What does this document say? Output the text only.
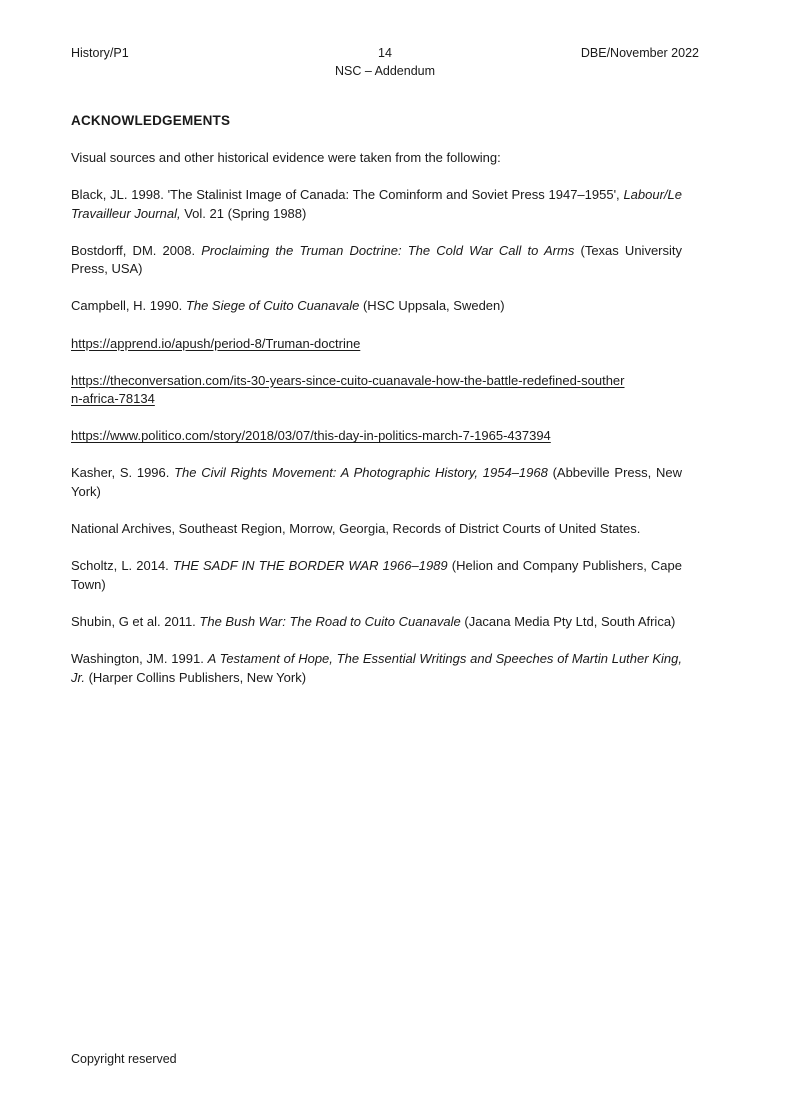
History/P1	14
NSC – Addendum
DBE/November 2022
ACKNOWLEDGEMENTS

Visual sources and other historical evidence were taken from the following:

Black, JL. 1998. 'The Stalinist Image of Canada: The Cominform and Soviet Press 1947–1955', Labour/Le Travailleur Journal, Vol. 21 (Spring 1988)

Bostdorff, DM. 2008. Proclaiming the Truman Doctrine: The Cold War Call to Arms (Texas University Press, USA)

Campbell, H. 1990. The Siege of Cuito Cuanavale (HSC Uppsala, Sweden)

https://apprend.io/apush/period-8/Truman-doctrine

https://theconversation.com/its-30-years-since-cuito-cuanavale-how-the-battle-redefined-southern-africa-78134

https://www.politico.com/story/2018/03/07/this-day-in-politics-march-7-1965-437394

Kasher, S. 1996. The Civil Rights Movement: A Photographic History, 1954–1968 (Abbeville Press, New York)

National Archives, Southeast Region, Morrow, Georgia, Records of District Courts of United States.

Scholtz, L. 2014. THE SADF IN THE BORDER WAR 1966–1989 (Helion and Company Publishers, Cape Town)

Shubin, G et al. 2011. The Bush War: The Road to Cuito Cuanavale (Jacana Media Pty Ltd, South Africa)

Washington, JM. 1991. A Testament of Hope, The Essential Writings and Speeches of Martin Luther King, Jr. (Harper Collins Publishers, New York)

Copyright reserved
